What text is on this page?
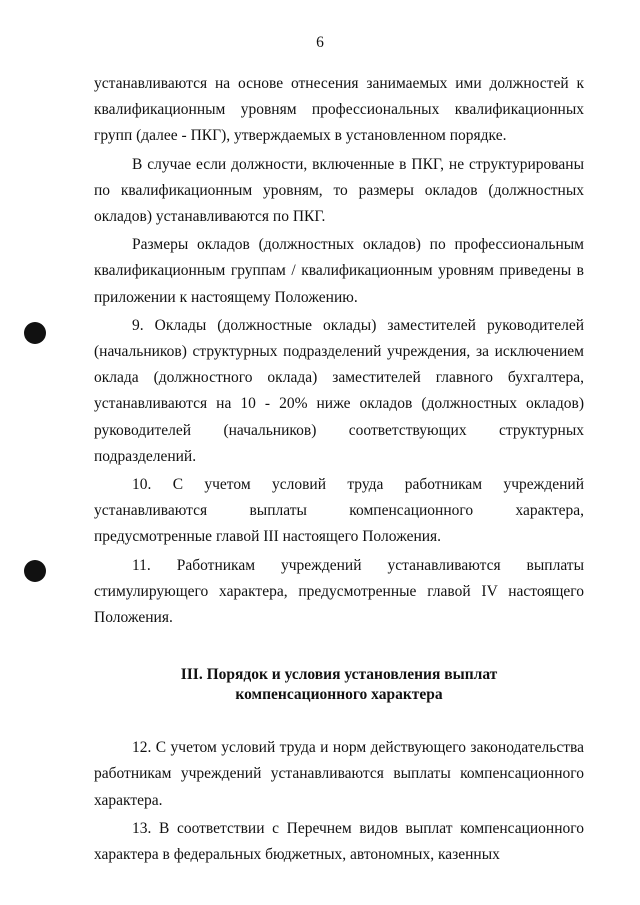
6

устанавливаются на основе отнесения занимаемых ими должностей к квалификационным уровням профессиональных квалификационных групп (далее - ПКГ), утверждаемых в установленном порядке.

В случае если должности, включенные в ПКГ, не структурированы по квалификационным уровням, то размеры окладов (должностных окладов) устанавливаются по ПКГ.

Размеры окладов (должностных окладов) по профессиональным квалификационным группам / квалификационным уровням приведены в приложении к настоящему Положению.

9. Оклады (должностные оклады) заместителей руководителей (начальников) структурных подразделений учреждения, за исключением оклада (должностного оклада) заместителей главного бухгалтера, устанавливаются на 10 - 20% ниже окладов (должностных окладов) руководителей (начальников) соответствующих структурных подразделений.

10. С учетом условий труда работникам учреждений устанавливаются выплаты компенсационного характера, предусмотренные главой III настоящего Положения.

11. Работникам учреждений устанавливаются выплаты стимулирующего характера, предусмотренные главой IV настоящего Положения.

III. Порядок и условия установления выплат
компенсационного характера

12. С учетом условий труда и норм действующего законодательства работникам учреждений устанавливаются выплаты компенсационного характера.

13. В соответствии с Перечнем видов выплат компенсационного характера в федеральных бюджетных, автономных, казенных
